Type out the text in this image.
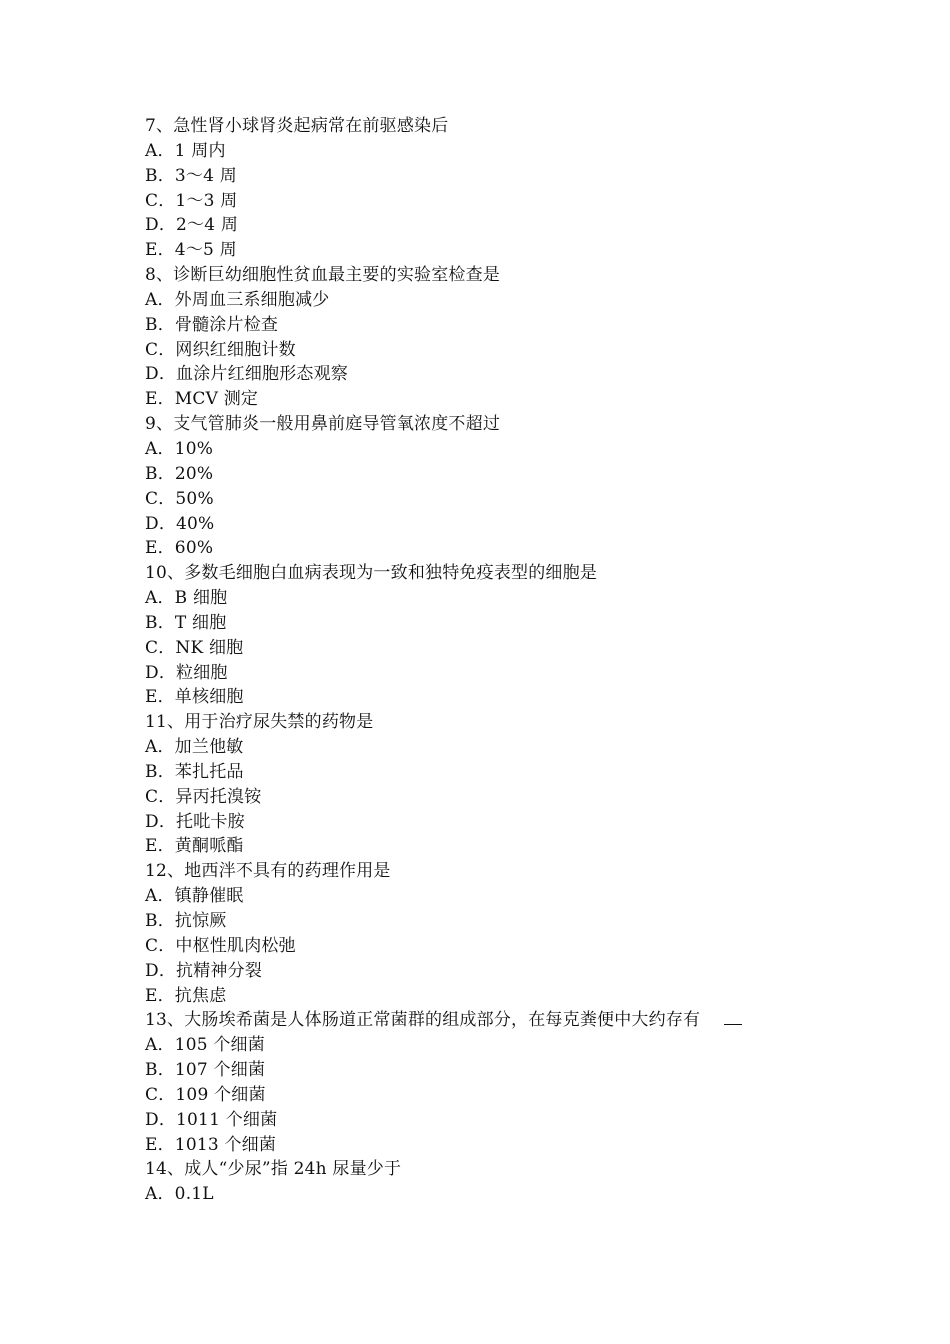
7、急性肾小球肾炎起病常在前驱感染后
A．1 周内
B．3～4 周
C．1～3 周
D．2～4 周
E．4～5 周
8、诊断巨幼细胞性贫血最主要的实验室检查是
A．外周血三系细胞减少
B．骨髓涂片检查
C．网织红细胞计数
D．血涂片红细胞形态观察
E．MCV 测定
9、支气管肺炎一般用鼻前庭导管氧浓度不超过
A．10%
B．20%
C．50%
D．40%
E．60%
10、多数毛细胞白血病表现为一致和独特免疫表型的细胞是
A．B 细胞
B．T 细胞
C．NK 细胞
D．粒细胞
E．单核细胞
11、用于治疗尿失禁的药物是
A．加兰他敏
B．苯扎托品
C．异丙托溴铵
D．托吡卡胺
E．黄酮哌酯
12、地西泮不具有的药理作用是
A．镇静催眠
B．抗惊厥
C．中枢性肌肉松弛
D．抗精神分裂
E．抗焦虑
13、大肠埃希菌是人体肠道正常菌群的组成部分，在每克粪便中大约存有
A．105 个细菌
B．107 个细菌
C．109 个细菌
D．1011 个细菌
E．1013 个细菌
14、成人“少尿”指 24h 尿量少于
A．0.1L
